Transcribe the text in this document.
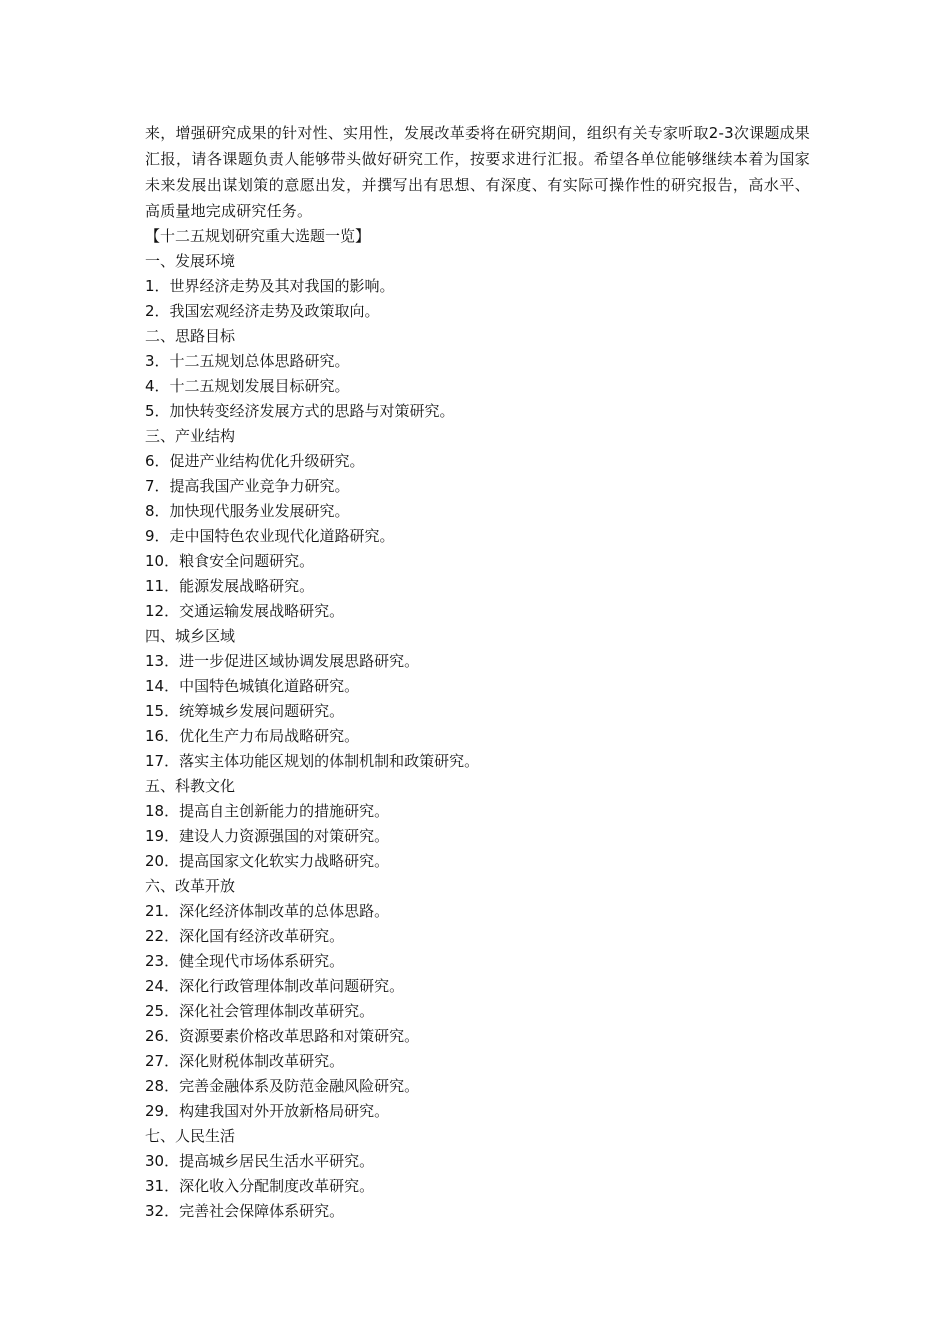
来，增强研究成果的针对性、实用性，发展改革委将在研究期间，组织有关专家听取2-3次课题成果汇报，请各课题负责人能够带头做好研究工作，按要求进行汇报。希望各单位能够继续本着为国家未来发展出谋划策的意愿出发，并撰写出有思想、有深度、有实际可操作性的研究报告，高水平、高质量地完成研究任务。

【十二五规划研究重大选题一览】
一、发展环境
1．世界经济走势及其对我国的影响。
2．我国宏观经济走势及政策取向。
二、思路目标
3．十二五规划总体思路研究。
4．十二五规划发展目标研究。
5．加快转变经济发展方式的思路与对策研究。
三、产业结构
6．促进产业结构优化升级研究。
7．提高我国产业竞争力研究。
8．加快现代服务业发展研究。
9．走中国特色农业现代化道路研究。
10．粮食安全问题研究。
11．能源发展战略研究。
12．交通运输发展战略研究。
四、城乡区域
13．进一步促进区域协调发展思路研究。
14．中国特色城镇化道路研究。
15．统筹城乡发展问题研究。
16．优化生产力布局战略研究。
17．落实主体功能区规划的体制机制和政策研究。
五、科教文化
18．提高自主创新能力的措施研究。
19．建设人力资源强国的对策研究。
20．提高国家文化软实力战略研究。
六、改革开放
21．深化经济体制改革的总体思路。
22．深化国有经济改革研究。
23．健全现代市场体系研究。
24．深化行政管理体制改革问题研究。
25．深化社会管理体制改革研究。
26．资源要素价格改革思路和对策研究。
27．深化财税体制改革研究。
28．完善金融体系及防范金融风险研究。
29．构建我国对外开放新格局研究。
七、人民生活
30．提高城乡居民生活水平研究。
31．深化收入分配制度改革研究。
32．完善社会保障体系研究。
